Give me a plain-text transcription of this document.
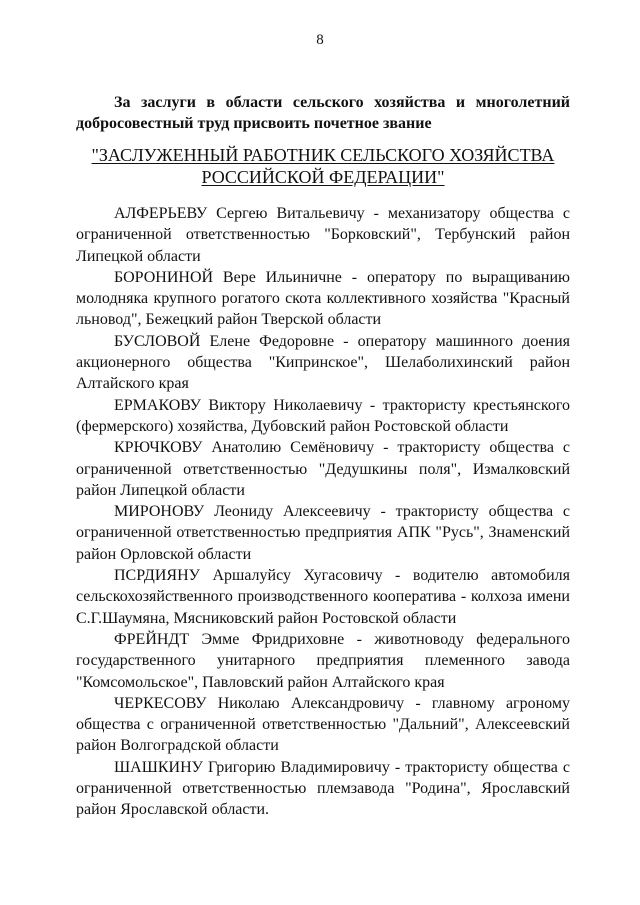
8

За заслуги в области сельского хозяйства и многолетний добросовестный труд присвоить почетное звание

"ЗАСЛУЖЕННЫЙ РАБОТНИК СЕЛЬСКОГО ХОЗЯЙСТВА
РОССИЙСКОЙ ФЕДЕРАЦИИ"

АЛФЕРЬЕВУ Сергею Витальевичу - механизатору общества с ограниченной ответственностью "Борковский", Тербунский район Липецкой области

БОРОНИНОЙ Вере Ильиничне - оператору по выращиванию молодняка крупного рогатого скота коллективного хозяйства "Красный льновод", Бежецкий район Тверской области

БУСЛОВОЙ Елене Федоровне - оператору машинного доения акционерного общества "Кипринское", Шелаболихинский район Алтайского края

ЕРМАКОВУ Виктору Николаевичу - трактористу крестьянского (фермерского) хозяйства, Дубовский район Ростовской области

КРЮЧКОВУ Анатолию Семёновичу - трактористу общества с ограниченной ответственностью "Дедушкины поля", Измалковский район Липецкой области

МИРОНОВУ Леониду Алексеевичу - трактористу общества с ограниченной ответственностью предприятия АПК "Русь", Знаменский район Орловской области

ПСРДИЯНУ Аршалуйсу Хугасовичу - водителю автомобиля сельскохозяйственного производственного кооператива - колхоза имени С.Г.Шаумяна, Мясниковский район Ростовской области

ФРЕЙНДТ Эмме Фридриховне - животноводу федерального государственного унитарного предприятия племенного завода "Комсомольское", Павловский район Алтайского края

ЧЕРКЕСОВУ Николаю Александровичу - главному агроному общества с ограниченной ответственностью "Дальний", Алексеевский район Волгоградской области

ШАШКИНУ Григорию Владимировичу - трактористу общества с ограниченной ответственностью племзавода "Родина", Ярославский район Ярославской области.
